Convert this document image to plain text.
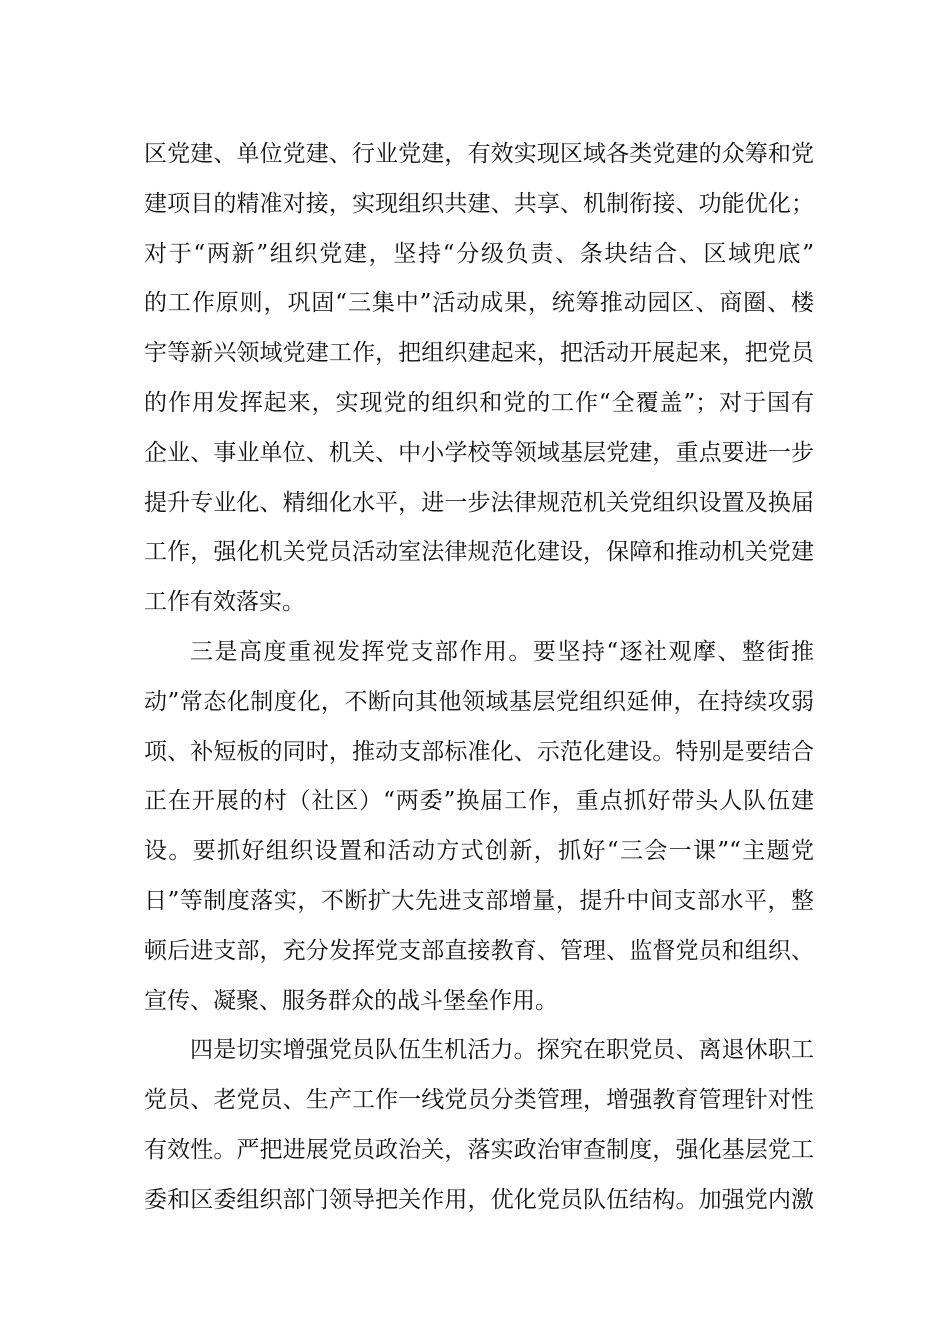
区党建、单位党建、行业党建，有效实现区域各类党建的众筹和党
建项目的精准对接，实现组织共建、共享、机制衔接、功能优化；
对于“两新”组织党建，坚持“分级负责、条块结合、区域兜底”
的工作原则，巩固“三集中”活动成果，统筹推动园区、商圈、楼
宇等新兴领域党建工作，把组织建起来，把活动开展起来，把党员
的作用发挥起来，实现党的组织和党的工作“全覆盖”；对于国有
企业、事业单位、机关、中小学校等领域基层党建，重点要进一步
提升专业化、精细化水平，进一步法律规范机关党组织设置及换届
工作，强化机关党员活动室法律规范化建设，保障和推动机关党建
工作有效落实。
三是高度重视发挥党支部作用。要坚持“逐社观摩、整街推
动”常态化制度化，不断向其他领域基层党组织延伸，在持续攻弱
项、补短板的同时，推动支部标准化、示范化建设。特别是要结合
正在开展的村（社区）“两委”换届工作，重点抓好带头人队伍建
设。要抓好组织设置和活动方式创新，抓好“三会一课”“主题党
日”等制度落实，不断扩大先进支部增量，提升中间支部水平，整
顿后进支部，充分发挥党支部直接教育、管理、监督党员和组织、
宣传、凝聚、服务群众的战斗堡垒作用。
四是切实增强党员队伍生机活力。探究在职党员、离退休职工
党员、老党员、生产工作一线党员分类管理，增强教育管理针对性
有效性。严把进展党员政治关，落实政治审查制度，强化基层党工
委和区委组织部门领导把关作用，优化党员队伍结构。加强党内激
